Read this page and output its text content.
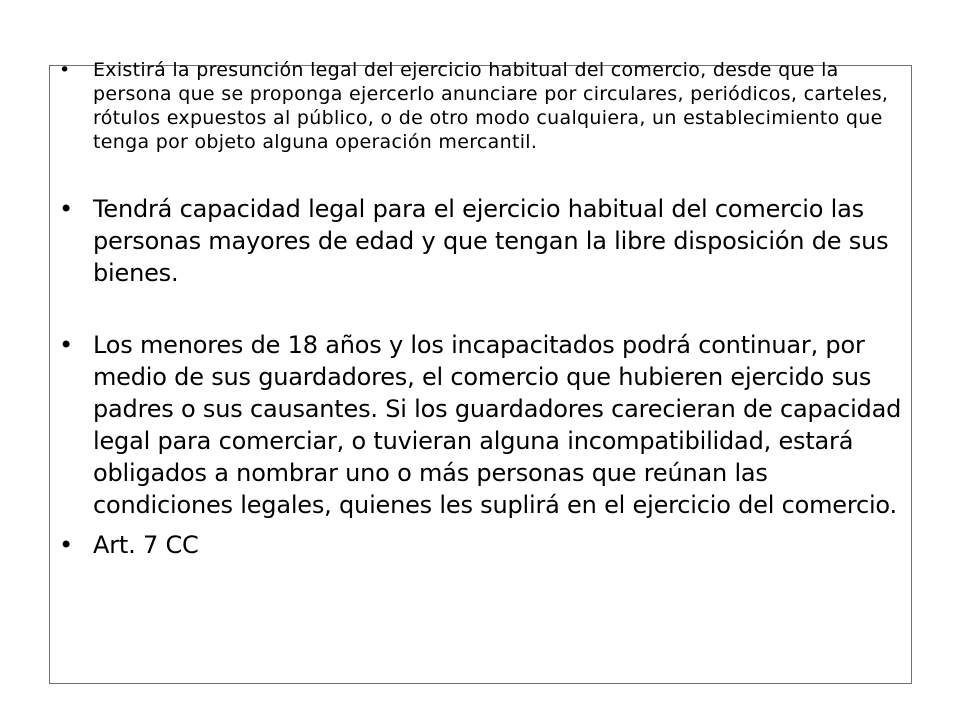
• Existirá la presunción legal del ejercicio habitual del comercio, desde que la persona que se proponga ejercerlo anunciare por circulares, periódicos, carteles, rótulos expuestos al público, o de otro modo cualquiera, un establecimiento que tenga por objeto alguna operación mercantil.
• Tendrá capacidad legal para el ejercicio habitual del comercio las personas mayores de edad y que tengan la libre disposición de sus bienes.
• Los menores de 18 años y los incapacitados podrá continuar, por medio de sus guardadores, el comercio que hubieren ejercido sus padres o sus causantes. Si los guardadores carecieran de capacidad legal para comerciar, o tuvieran alguna incompatibilidad, estará obligados a nombrar uno o más personas que reúnan las condiciones legales, quienes les suplirá en el ejercicio del comercio.
• Art. 7 CC
